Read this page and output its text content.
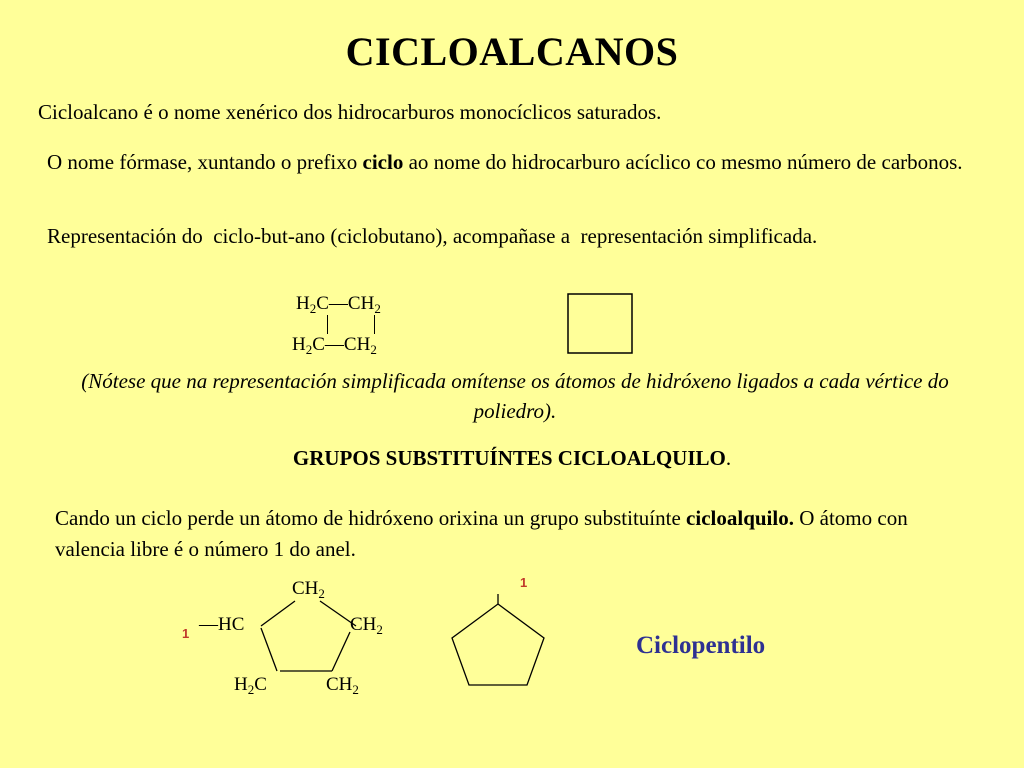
CICLOALCANOS
Cicloalcano é o nome xenérico dos hidrocarburos monocíclicos saturados.
O nome fórmase, xuntando o prefixo ciclo ao nome do hidrocarburo acíclico co mesmo número de carbonos.
Representación do  ciclo-but-ano (ciclobutano), acompañase a  representación simplificada.
$H_2C—CH_2$
$H_2C—CH_2$
(Nótese que na representación simplificada omítense os átomos de hidróxeno ligados a cada vértice do poliedro).
GRUPOS SUBSTITUÍNTES CICLOALQUILO.
Cando un ciclo perde un átomo de hidróxeno orixina un grupo substituínte cicloalquilo. O átomo con valencia libre é o número 1 do anel.
$CH_2$
1 —HC	$CH_2$
$H_2C$	$CH_2$
1
Ciclopentilo
